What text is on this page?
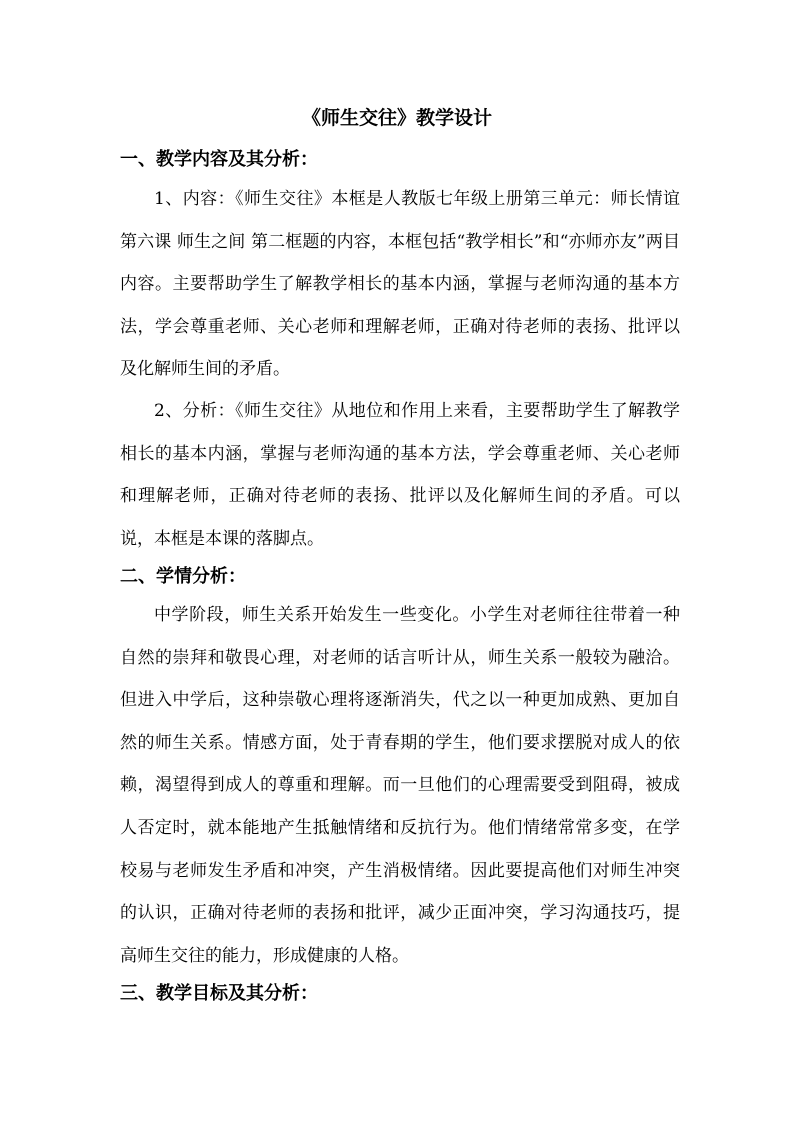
《师生交往》教学设计
一、教学内容及其分析：

1、内容：《师生交往》本框是人教版七年级上册第三单元：师长情谊 第六课 师生之间 第二框题的内容，本框包括“教学相长”和“亦师亦友”两目内容。主要帮助学生了解教学相长的基本内涵，掌握与老师沟通的基本方法，学会尊重老师、关心老师和理解老师，正确对待老师的表扬、批评以及化解师生间的矛盾。

2、分析：《师生交往》从地位和作用上来看，主要帮助学生了解教学相长的基本内涵，掌握与老师沟通的基本方法，学会尊重老师、关心老师和理解老师，正确对待老师的表扬、批评以及化解师生间的矛盾。可以说，本框是本课的落脚点。

二、学情分析：

中学阶段，师生关系开始发生一些变化。小学生对老师往往带着一种自然的崇拜和敬畏心理，对老师的话言听计从，师生关系一般较为融洽。但进入中学后，这种崇敬心理将逐渐消失，代之以一种更加成熟、更加自然的师生关系。情感方面，处于青春期的学生，他们要求摆脱对成人的依赖，渴望得到成人的尊重和理解。而一旦他们的心理需要受到阻碍，被成人否定时，就本能地产生抵触情绪和反抗行为。他们情绪常常多变，在学校易与老师发生矛盾和冲突，产生消极情绪。因此要提高他们对师生冲突的认识，正确对待老师的表扬和批评，减少正面冲突，学习沟通技巧，提高师生交往的能力，形成健康的人格。

三、教学目标及其分析：
